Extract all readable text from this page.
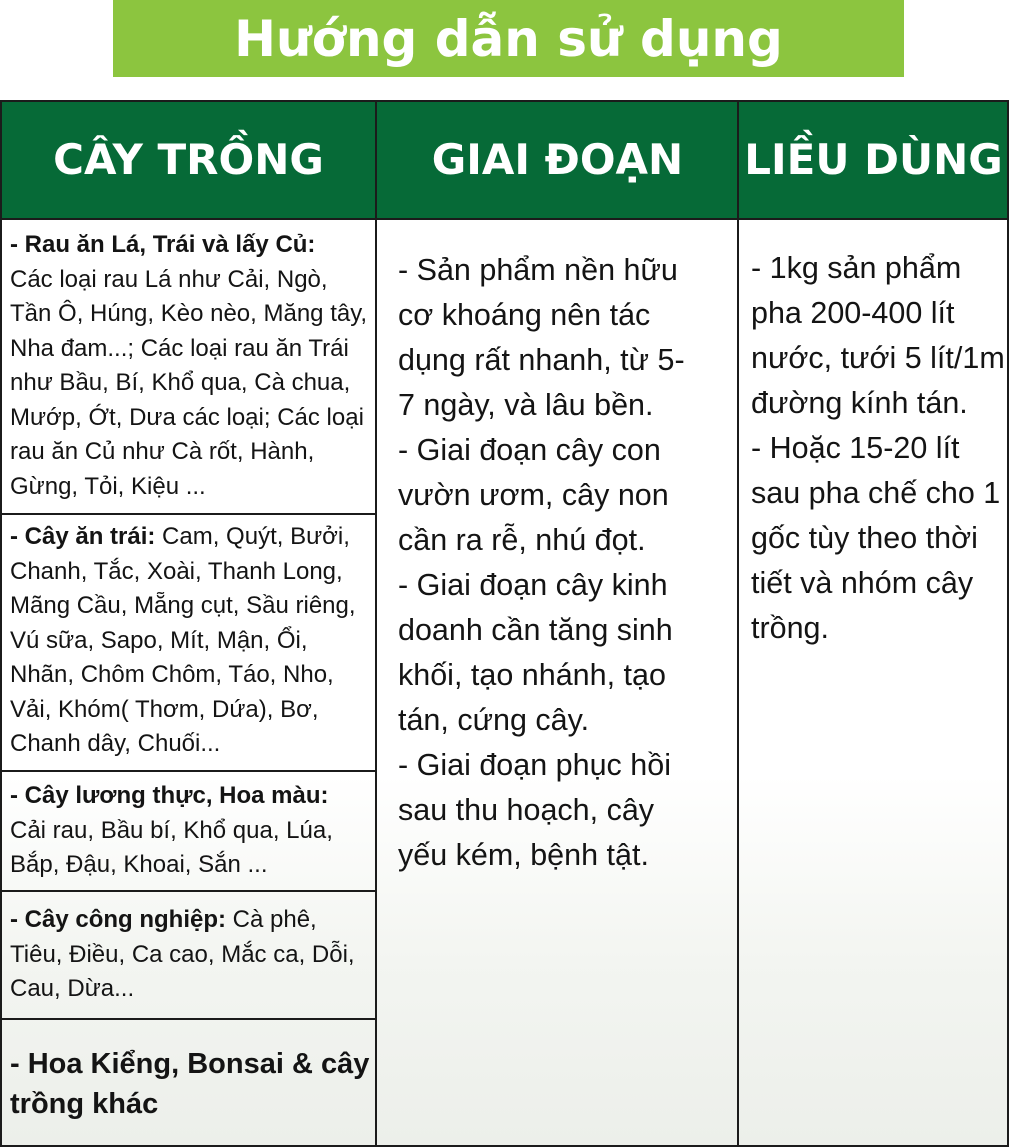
Hướng dẫn sử dụng
CÂY TRỒNG	GIAI ĐOẠN	LIỀU DÙNG
- Rau ăn Lá, Trái và lấy Củ:
Các loại rau Lá như Cải, Ngò, Tần Ô, Húng, Kèo nèo, Măng tây, Nha đam...; Các loại rau ăn Trái như Bầu, Bí, Khổ qua, Cà chua, Mướp, Ớt, Dưa các loại; Các loại rau ăn Củ như Cà rốt, Hành, Gừng, Tỏi, Kiệu ...
- Cây ăn trái: Cam, Quýt, Bưởi, Chanh, Tắc, Xoài, Thanh Long, Mãng Cầu, Mẵng cụt, Sầu riêng, Vú sữa, Sapo, Mít, Mận, Ổi, Nhãn, Chôm Chôm, Táo, Nho, Vải, Khóm( Thơm, Dứa), Bơ, Chanh dây, Chuối...
- Cây lương thực, Hoa màu:
Cải rau, Bầu bí, Khổ qua, Lúa, Bắp, Đậu, Khoai, Sắn ...
- Cây công nghiệp: Cà phê, Tiêu, Điều, Ca cao, Mắc ca, Dỗi, Cau, Dừa...
- Hoa Kiểng, Bonsai & cây trồng khác

- Sản phẩm nền hữu cơ khoáng nên tác dụng rất nhanh, từ 5-7 ngày, và lâu bền.

- Giai đoạn cây con vườn ươm, cây non cần ra rễ, nhú đọt.

- Giai đoạn cây kinh doanh cần tăng sinh khối, tạo nhánh, tạo tán, cứng cây.

- Giai đoạn phục hồi sau thu hoạch, cây yếu kém, bệnh tật.

- 1kg sản phẩm pha 200-400 lít nước, tưới 5 lít/1m đường kính tán.

- Hoặc 15-20 lít sau pha chế cho 1 gốc tùy theo thời tiết và nhóm cây trồng.
